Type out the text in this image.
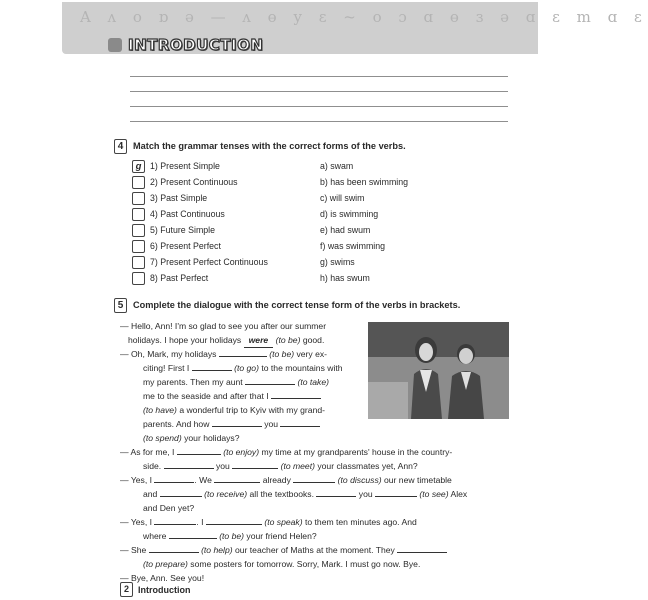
A ʌ o ɒ ə — ʌ ɵ y ɛ ~ o ɔ ɑ ɵ ɜ ə ɑ ɛ m ɑ ɛ
INTRODUCTION
4	Match the grammar tenses with the correct forms of the verbs.
g 1) Present Simple	a) swam
2) Present Continuous	b) has been swimming
3) Past Simple	c) will swim
4) Past Continuous	d) is swimming
5) Future Simple	e) had swum
6) Present Perfect	f) was swimming
7) Present Perfect Continuous	g) swims
8) Past Perfect	h) has swum
5	Complete the dialogue with the correct tense form of the verbs in brackets.
— Hello, Ann! I'm so glad to see you after our summer
holidays. I hope your holidays were (to be) good.
— Oh, Mark, my holidays	(to be) very ex-
citing! First I	(to go) to the mountains with
my parents. Then my aunt	(to take)
me to the seaside and after that I
(to have) a wonderful trip to Kyiv with my grand-
parents. And how	you
(to spend) your holidays?
— As for me, I	(to enjoy) my time at my grandparents' house in the country-
side.	you	(to meet) your classmates yet, Ann?
— Yes, I	. We	already	(to discuss) our new timetable
and	(to receive) all the textbooks.	you	(to see) Alex
and Den yet?
— Yes, I	. I	(to speak) to them ten minutes ago. And
where	(to be) your friend Helen?
— She	(to help) our teacher of Maths at the moment. They
(to prepare) some posters for tomorrow. Sorry, Mark. I must go now. Bye.
— Bye, Ann. See you!
2	Introduction
